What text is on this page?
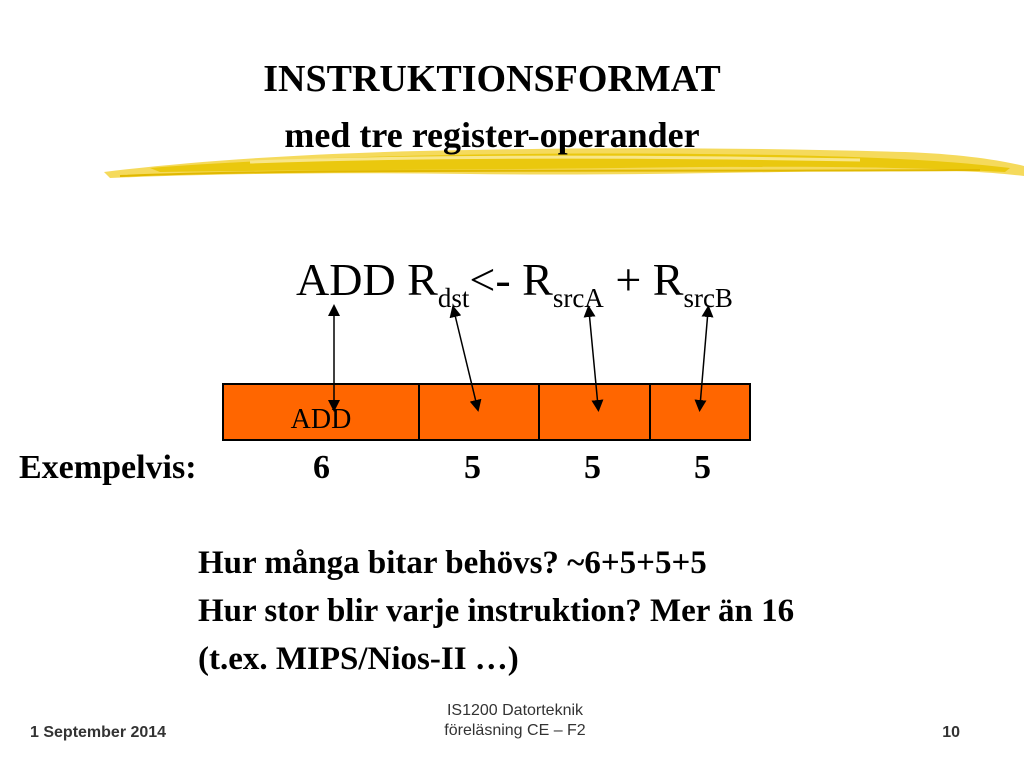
INSTRUKTIONSFORMAT
med tre register-operander
ADD $R_{dst}<-$ $R_{srcA} + R_{srcB}$
ADD
Exempelvis:	6	5	5	5
Hur många bitar behövs? ~6+5+5+5
Hur stor blir varje instruktion? Mer än 16
(t.ex. MIPS/Nios-II …)
1 September 2014
IS1200 Datorteknik
föreläsning CE – F2	10
